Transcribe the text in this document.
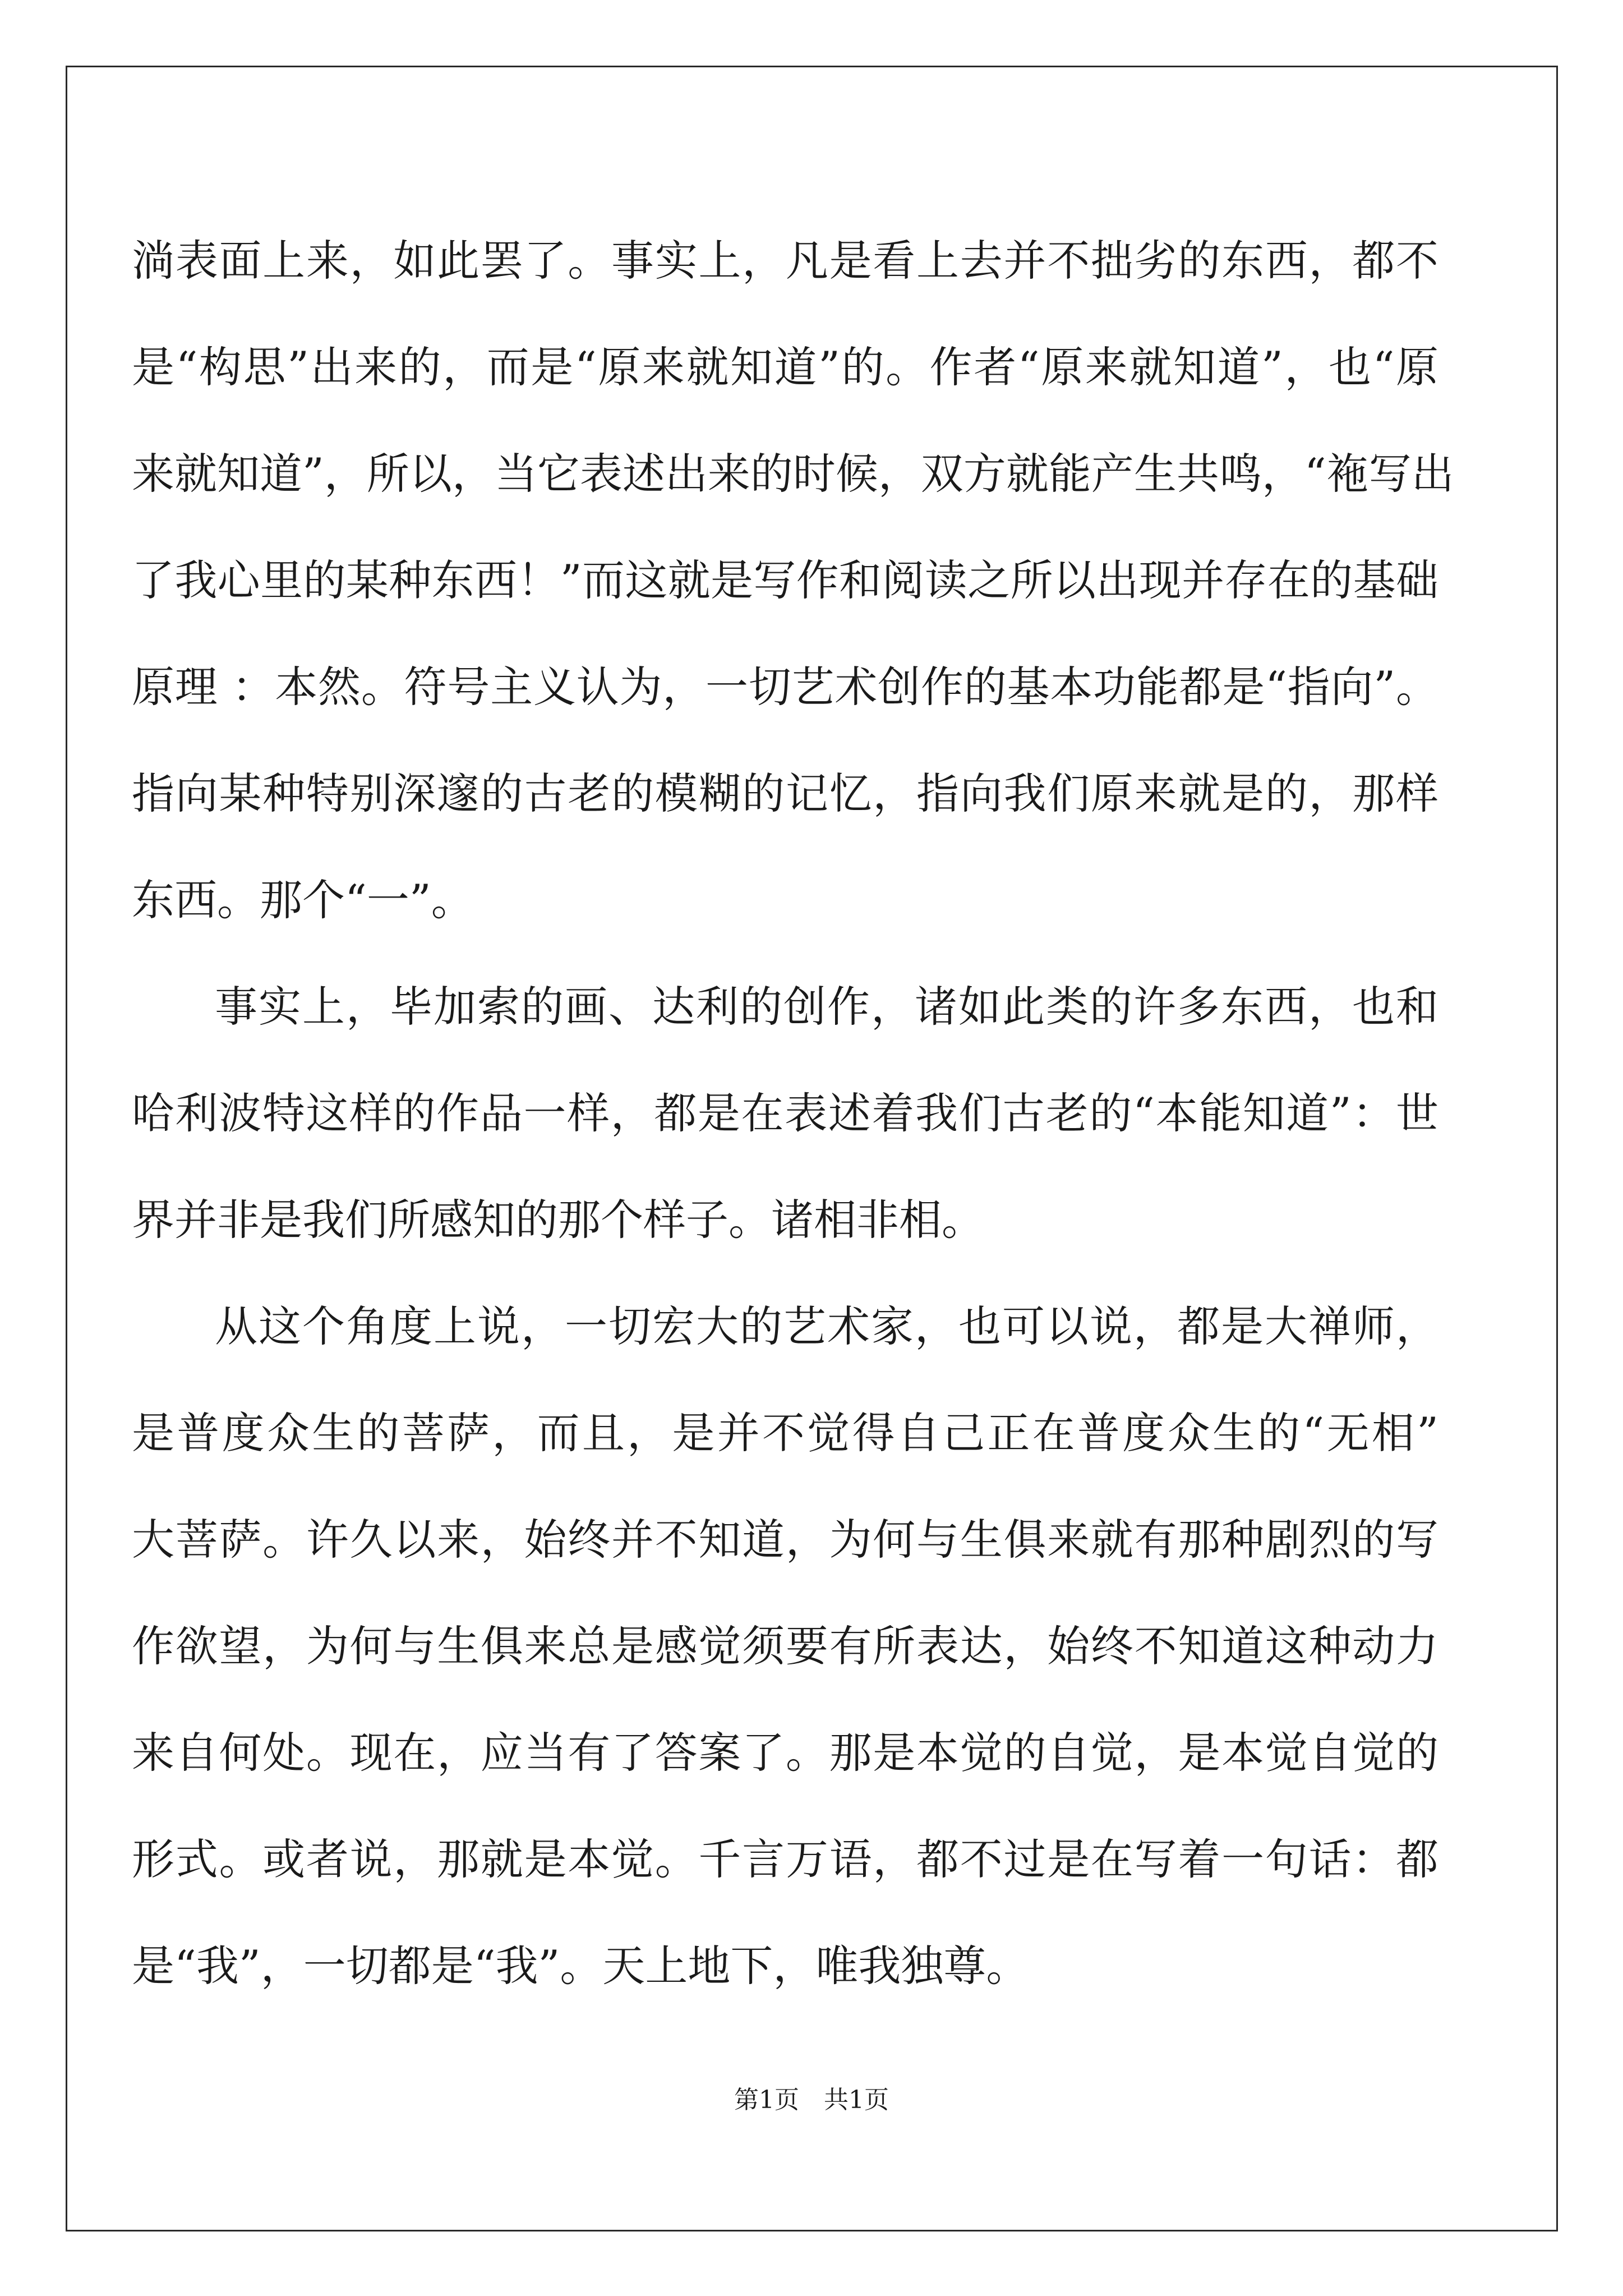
淌表面上来，如此罢了。事实上，凡是看上去并不拙劣的东西，都不
是“构思”出来的，而是“原来就知道”的。作者“原来就知道”，也“原
来就知道”，所以，当它表述出来的时候，双方就能产生共鸣，“袘写出
了我心里的某种东西！”而这就是写作和阅读之所以出现并存在的基础
原理 ：本然。符号主义认为，一切艺术创作的基本功能都是“指向”。
指向某种特别深邃的古老的模糊的记忆，指向我们原来就是的，那样
东西。那个“一”。
事实上，毕加索的画、达利的创作，诸如此类的许多东西，也和
哈利波特这样的作品一样，都是在表述着我们古老的“本能知道”：世
界并非是我们所感知的那个样子。诸相非相。
从这个角度上说，一切宏大的艺术家，也可以说，都是大禅师，
是普度众生的菩萨，而且，是并不觉得自己正在普度众生的“无相”
大菩萨。许久以来，始终并不知道，为何与生俱来就有那种剧烈的写
作欲望，为何与生俱来总是感觉须要有所表达，始终不知道这种动力
来自何处。现在，应当有了答案了。那是本觉的自觉，是本觉自觉的
形式。或者说，那就是本觉。千言万语，都不过是在写着一句话：都
是“我”，一切都是“我”。天上地下，唯我独尊。
第1页　共1页
